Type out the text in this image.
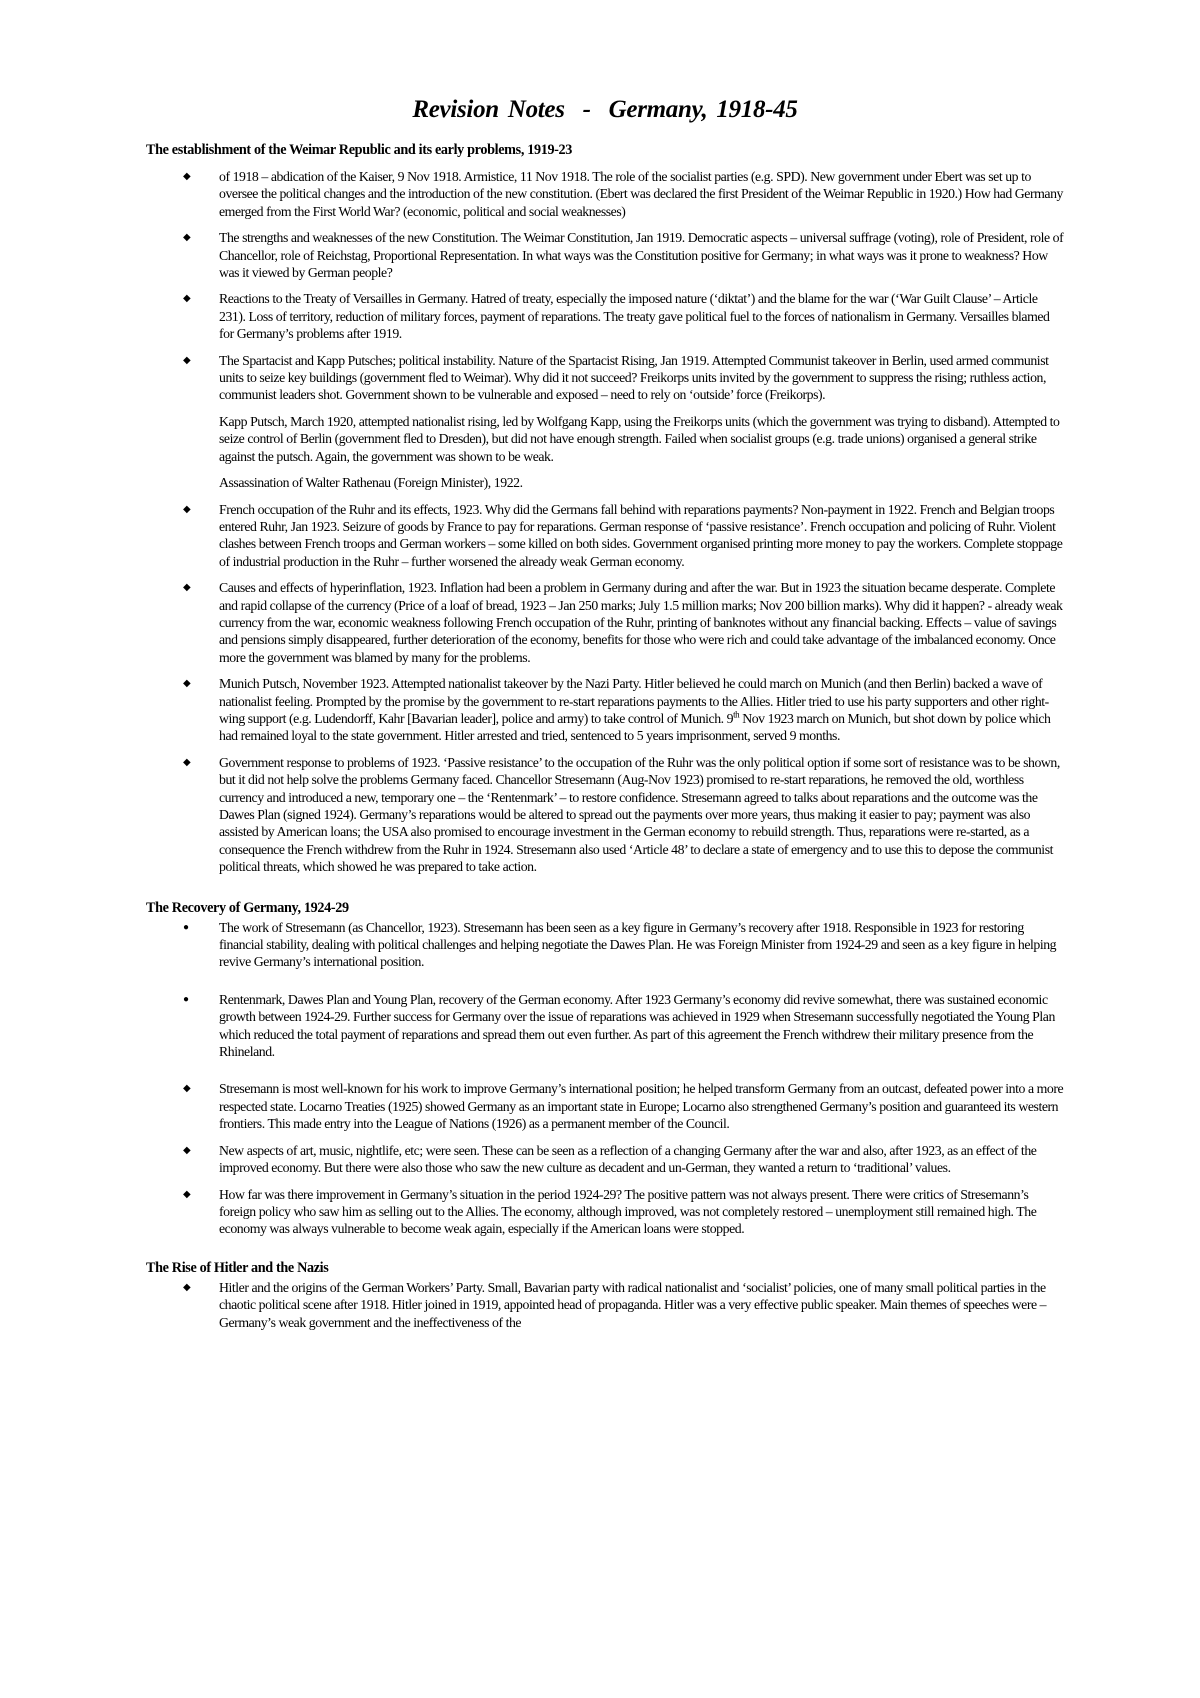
Revision Notes - Germany, 1918-45
The establishment of the Weimar Republic and its early problems, 1919-23
◆ of 1918 – abdication of the Kaiser, 9 Nov 1918. Armistice, 11 Nov 1918. The role of the socialist parties (e.g. SPD). New government under Ebert was set up to oversee the political changes and the introduction of the new constitution. (Ebert was declared the first President of the Weimar Republic in 1920.) How had Germany emerged from the First World War? (economic, political and social weaknesses)

◆ The strengths and weaknesses of the new Constitution. The Weimar Constitution, Jan 1919. Democratic aspects – universal suffrage (voting), role of President, role of Chancellor, role of Reichstag, Proportional Representation. In what ways was the Constitution positive for Germany; in what ways was it prone to weakness? How was it viewed by German people?

◆ Reactions to the Treaty of Versailles in Germany. Hatred of treaty, especially the imposed nature (‘diktat’) and the blame for the war (‘War Guilt Clause’ – Article 231). Loss of territory, reduction of military forces, payment of reparations. The treaty gave political fuel to the forces of nationalism in Germany. Versailles blamed for Germany’s problems after 1919.

◆ The Spartacist and Kapp Putsches; political instability. Nature of the Spartacist Rising, Jan 1919. Attempted Communist takeover in Berlin, used armed communist units to seize key buildings (government fled to Weimar). Why did it not succeed? Freikorps units invited by the government to suppress the rising; ruthless action, communist leaders shot. Government shown to be vulnerable and exposed – need to rely on ‘outside’ force (Freikorps).

Kapp Putsch, March 1920, attempted nationalist rising, led by Wolfgang Kapp, using the Freikorps units (which the government was trying to disband). Attempted to seize control of Berlin (government fled to Dresden), but did not have enough strength. Failed when socialist groups (e.g. trade unions) organised a general strike against the putsch. Again, the government was shown to be weak.

Assassination of Walter Rathenau (Foreign Minister), 1922.

◆ French occupation of the Ruhr and its effects, 1923. Why did the Germans fall behind with reparations payments? Non-payment in 1922. French and Belgian troops entered Ruhr, Jan 1923. Seizure of goods by France to pay for reparations. German response of ‘passive resistance’. French occupation and policing of Ruhr. Violent clashes between French troops and German workers – some killed on both sides. Government organised printing more money to pay the workers. Complete stoppage of industrial production in the Ruhr – further worsened the already weak German economy.

◆ Causes and effects of hyperinflation, 1923. Inflation had been a problem in Germany during and after the war. But in 1923 the situation became desperate. Complete and rapid collapse of the currency (Price of a loaf of bread, 1923 – Jan 250 marks; July 1.5 million marks; Nov 200 billion marks). Why did it happen? - already weak currency from the war, economic weakness following French occupation of the Ruhr, printing of banknotes without any financial backing. Effects – value of savings and pensions simply disappeared, further deterioration of the economy, benefits for those who were rich and could take advantage of the imbalanced economy. Once more the government was blamed by many for the problems.

◆ Munich Putsch, November 1923. Attempted nationalist takeover by the Nazi Party. Hitler believed he could march on Munich (and then Berlin) backed a wave of nationalist feeling. Prompted by the promise by the government to re-start reparations payments to the Allies. Hitler tried to use his party supporters and other right-wing support (e.g. Ludendorff, Kahr [Bavarian leader], police and army) to take control of Munich. 9th Nov 1923 march on Munich, but shot down by police which had remained loyal to the state government. Hitler arrested and tried, sentenced to 5 years imprisonment, served 9 months.

◆ Government response to problems of 1923. ‘Passive resistance’ to the occupation of the Ruhr was the only political option if some sort of resistance was to be shown, but it did not help solve the problems Germany faced. Chancellor Stresemann (Aug-Nov 1923) promised to re-start reparations, he removed the old, worthless currency and introduced a new, temporary one – the ‘Rentenmark’ – to restore confidence. Stresemann agreed to talks about reparations and the outcome was the Dawes Plan (signed 1924). Germany’s reparations would be altered to spread out the payments over more years, thus making it easier to pay; payment was also assisted by American loans; the USA also promised to encourage investment in the German economy to rebuild strength. Thus, reparations were re-started, as a consequence the French withdrew from the Ruhr in 1924. Stresemann also used ‘Article 48’ to declare a state of emergency and to use this to depose the communist political threats, which showed he was prepared to take action.

The Recovery of Germany, 1924-29
● The work of Stresemann (as Chancellor, 1923). Stresemann has been seen as a key figure in Germany’s recovery after 1918. Responsible in 1923 for restoring financial stability, dealing with political challenges and helping negotiate the Dawes Plan. He was Foreign Minister from 1924-29 and seen as a key figure in helping revive Germany’s international position.

● Rentenmark, Dawes Plan and Young Plan, recovery of the German economy. After 1923 Germany’s economy did revive somewhat, there was sustained economic growth between 1924-29. Further success for Germany over the issue of reparations was achieved in 1929 when Stresemann successfully negotiated the Young Plan which reduced the total payment of reparations and spread them out even further. As part of this agreement the French withdrew their military presence from the Rhineland.

◆ Stresemann is most well-known for his work to improve Germany’s international position; he helped transform Germany from an outcast, defeated power into a more respected state. Locarno Treaties (1925) showed Germany as an important state in Europe; Locarno also strengthened Germany’s position and guaranteed its western frontiers. This made entry into the League of Nations (1926) as a permanent member of the Council.

◆ New aspects of art, music, nightlife, etc; were seen. These can be seen as a reflection of a changing Germany after the war and also, after 1923, as an effect of the improved economy. But there were also those who saw the new culture as decadent and un-German, they wanted a return to ‘traditional’ values.

◆ How far was there improvement in Germany’s situation in the period 1924-29? The positive pattern was not always present. There were critics of Stresemann’s foreign policy who saw him as selling out to the Allies. The economy, although improved, was not completely restored – unemployment still remained high. The economy was always vulnerable to become weak again, especially if the American loans were stopped.

The Rise of Hitler and the Nazis
◆ Hitler and the origins of the German Workers’ Party. Small, Bavarian party with radical nationalist and ‘socialist’ policies, one of many small political parties in the chaotic political scene after 1918. Hitler joined in 1919, appointed head of propaganda. Hitler was a very effective public speaker. Main themes of speeches were – Germany’s weak government and the ineffectiveness of the
